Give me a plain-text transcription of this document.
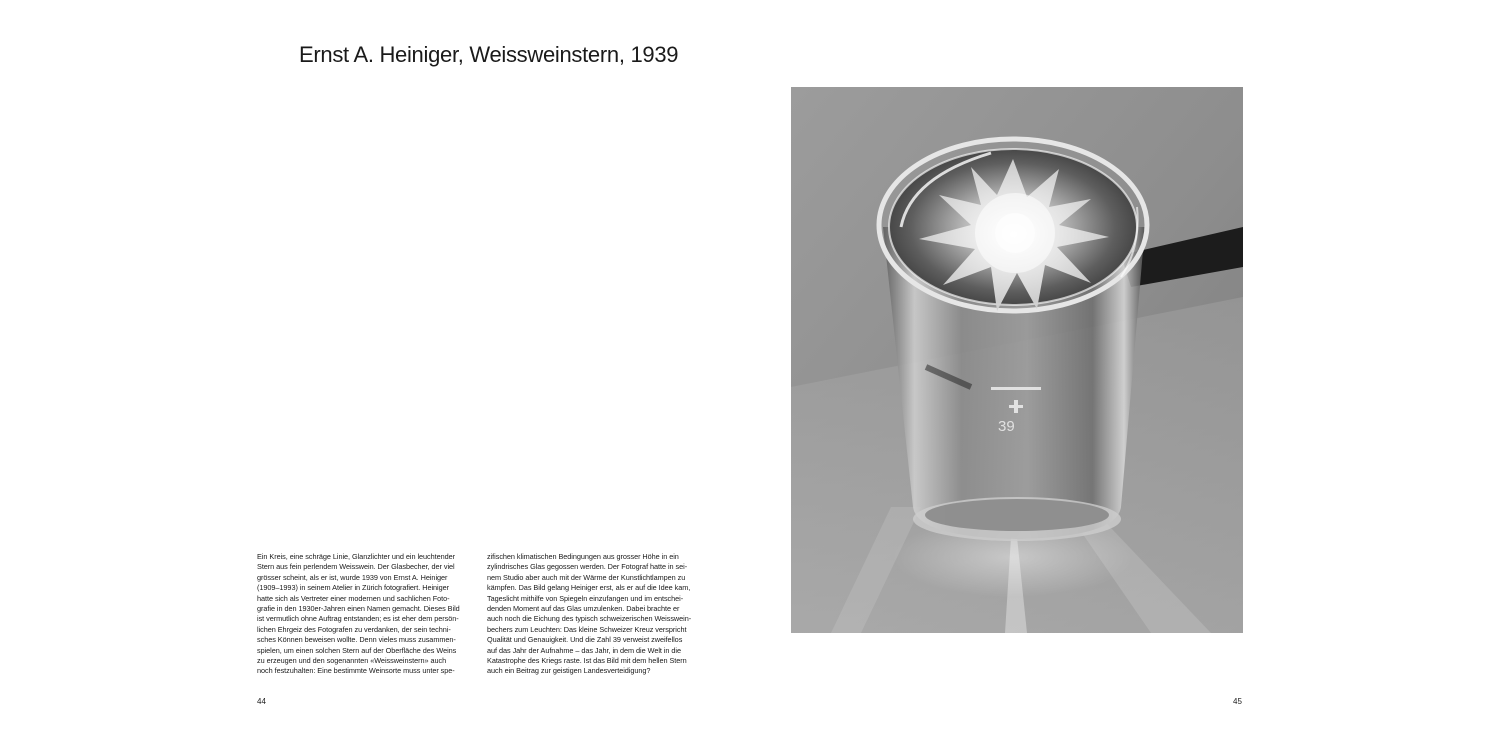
Ernst A. Heiniger, Weissweinstern, 1939
Ein Kreis, eine schräge Linie, Glanzlichter und ein leuchtender
Stern aus fein perlendem Weisswein. Der Glasbecher, der viel
grösser scheint, als er ist, wurde 1939 von Ernst A. Heiniger
(1909–1993) in seinem Atelier in Zürich fotografiert. Heiniger
hatte sich als Vertreter einer modernen und sachlichen Foto-
grafie in den 1930er-Jahren einen Namen gemacht. Dieses Bild
ist vermutlich ohne Auftrag entstanden; es ist eher dem persön-
lichen Ehrgeiz des Fotografen zu verdanken, der sein techni-
sches Können beweisen wollte. Denn vieles muss zusammen-
spielen, um einen solchen Stern auf der Oberfläche des Weins
zu erzeugen und den sogenannten «Weissweinstern» auch
noch festzuhalten: Eine bestimmte Weinsorte muss unter spe-
zifischen klimatischen Bedingungen aus grosser Höhe in ein
zylindrisches Glas gegossen werden. Der Fotograf hatte in sei-
nem Studio aber auch mit der Wärme der Kunstlichtlampen zu
kämpfen. Das Bild gelang Heiniger erst, als er auf die Idee kam,
Tageslicht mithilfe von Spiegeln einzufangen und im entschei-
denden Moment auf das Glas umzulenken. Dabei brachte er
auch noch die Eichung des typisch schweizerischen Weisswein-
bechers zum Leuchten: Das kleine Schweizer Kreuz verspricht
Qualität und Genauigkeit. Und die Zahl 39 verweist zweifellos
auf das Jahr der Aufnahme – das Jahr, in dem die Welt in die
Katastrophe des Kriegs raste. Ist das Bild mit dem hellen Stern
auch ein Beitrag zur geistigen Landesverteidigung?
44	45
39
